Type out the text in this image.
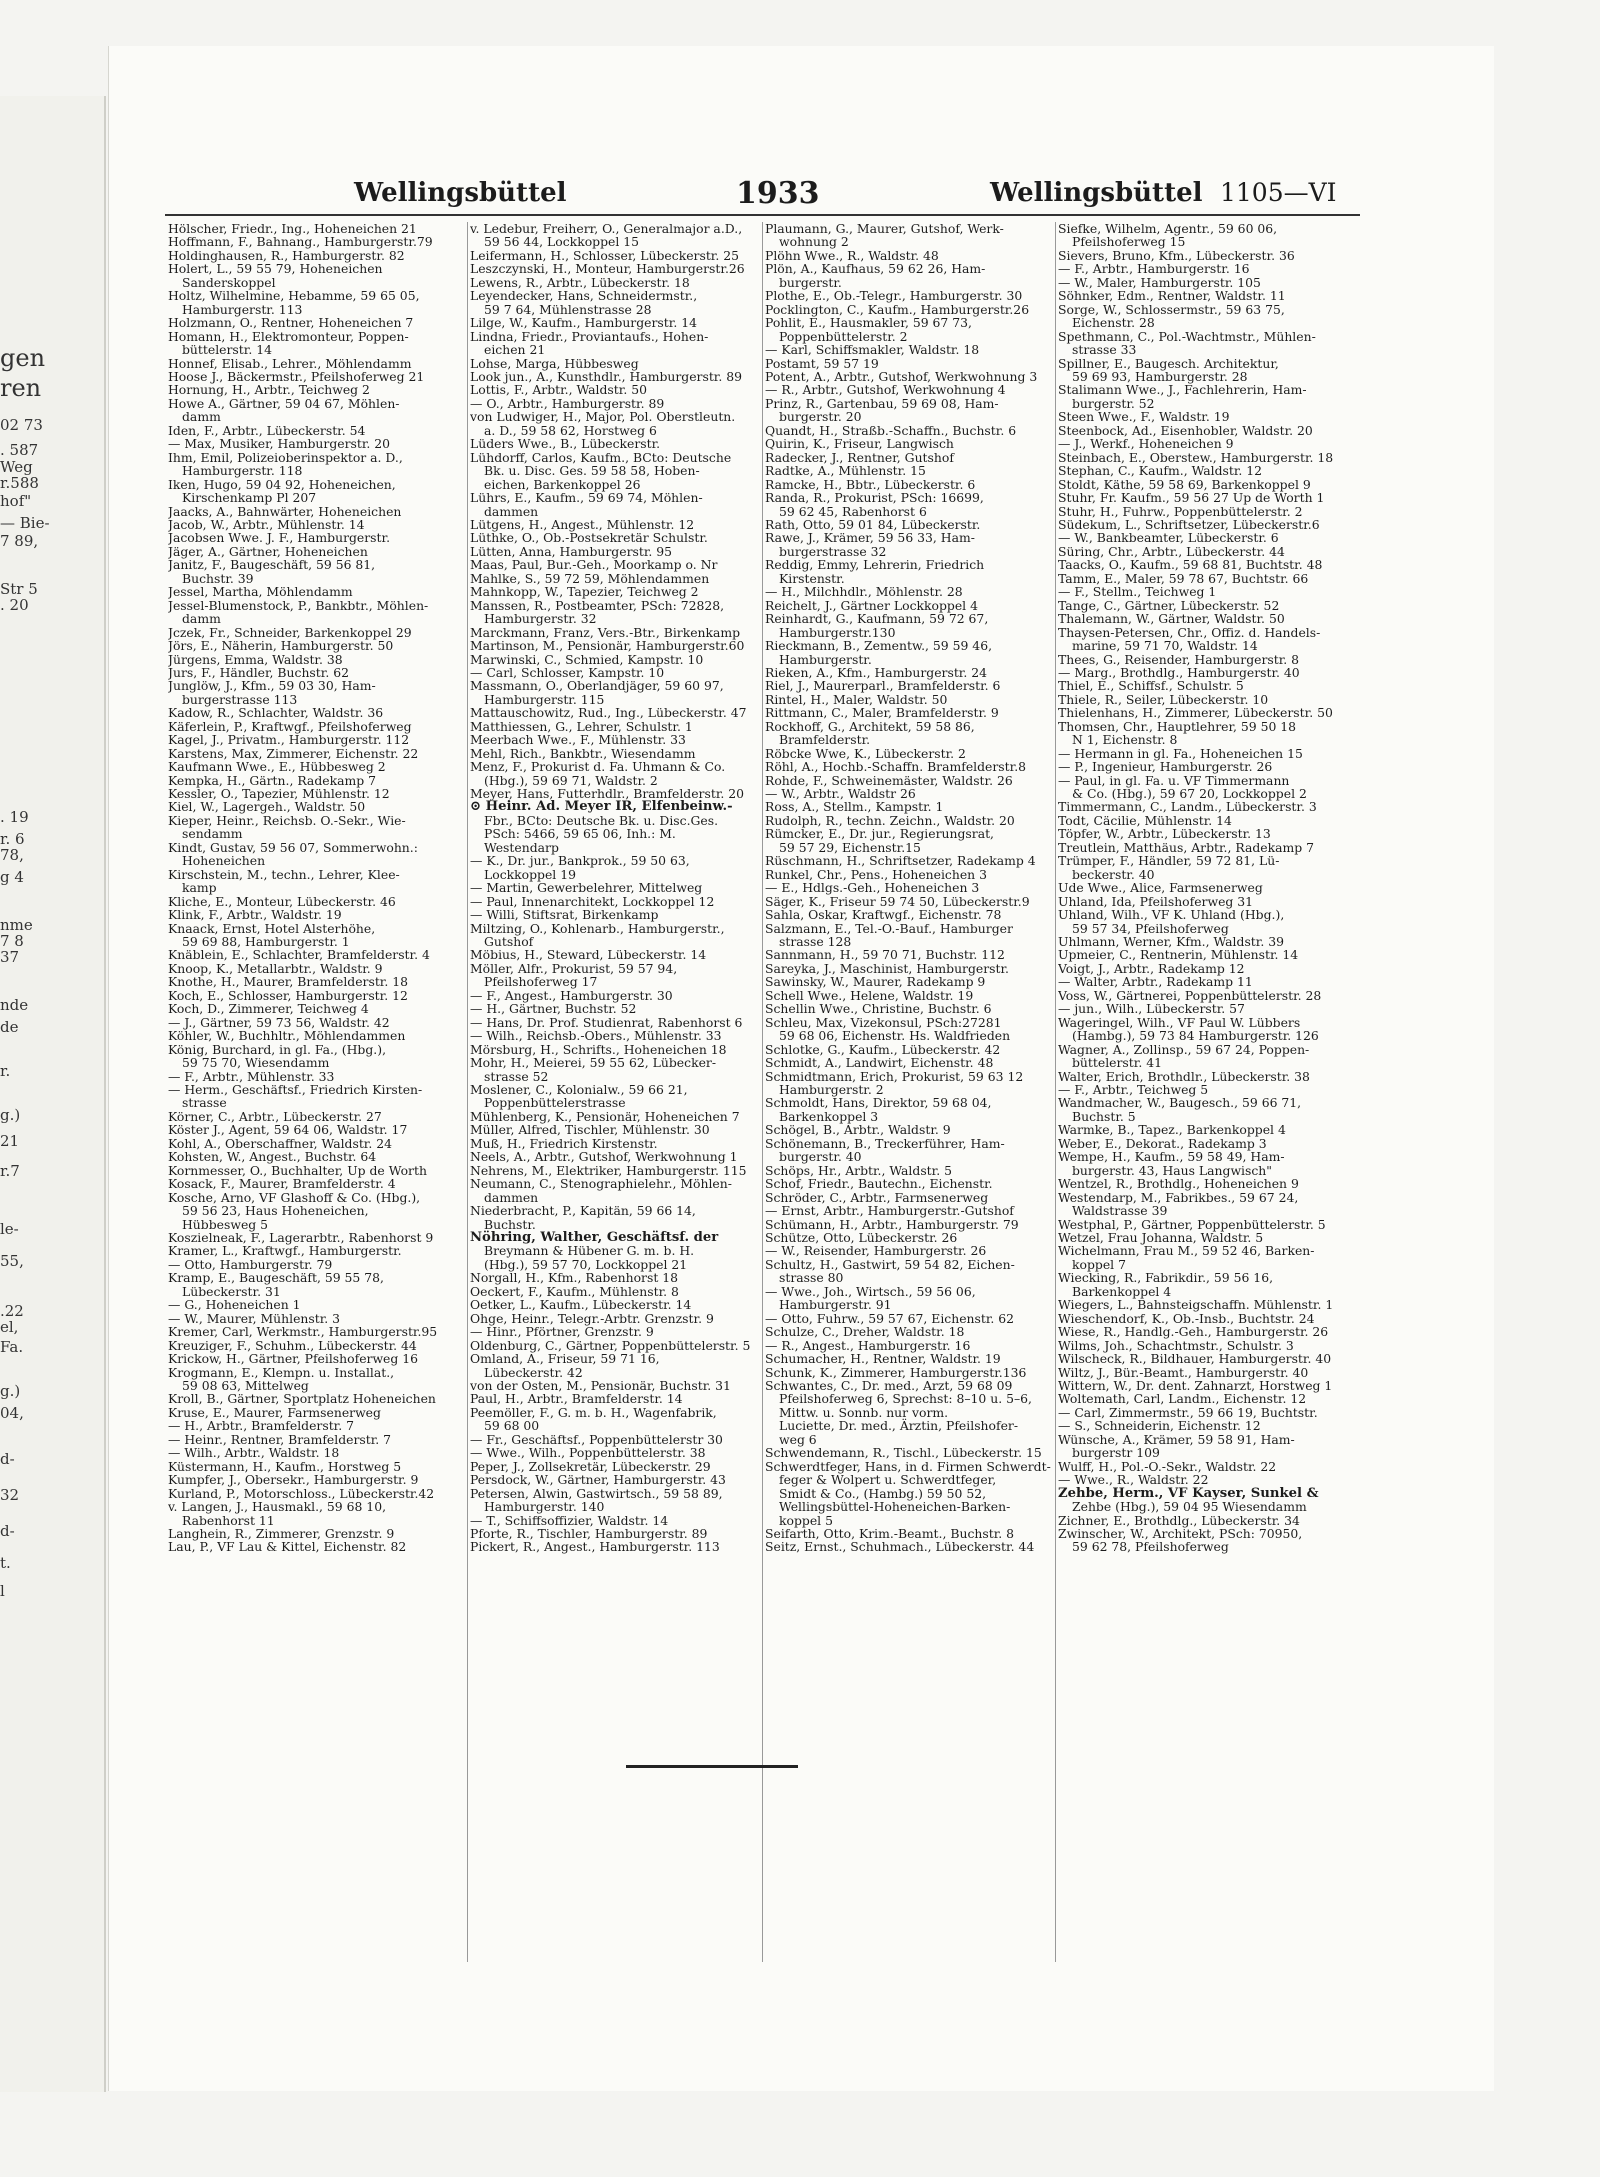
gen
ren
02 73
. 587
Weg
r.588
hof"
— Bie-
7 89,
Str 5
. 20
. 19
r. 6
78,
g 4
nme
7 8
37
nde
de
r.
g.)
21
r.7
le-
55,
.22
el,
Fa.
g.)
04,
d-
32
d-
t.
l
Wellingsbüttel	1933	Wellingsbüttel 1105—VI
Hölscher, Friedr., Ing., Hoheneichen 21
Hoffmann, F., Bahnang., Hamburgerstr.79
Holdinghausen, R., Hamburgerstr. 82
Holert, L., 59 55 79, Hoheneichen
Sanderskoppel
Holtz, Wilhelmine, Hebamme, 59 65 05,
Hamburgerstr. 113
Holzmann, O., Rentner, Hoheneichen 7
Homann, H., Elektromonteur, Poppen-
büttelerstr. 14
Honnef, Elisab., Lehrer., Möhlendamm
Hoose J., Bäckermstr., Pfeilshoferweg 21
Hornung, H., Arbtr., Teichweg 2
Howe A., Gärtner, 59 04 67, Möhlen-
damm
Iden, F., Arbtr., Lübeckerstr. 54
— Max, Musiker, Hamburgerstr. 20
Ihm, Emil, Polizeioberinspektor a. D.,
Hamburgerstr. 118
Iken, Hugo, 59 04 92, Hoheneichen,
Kirschenkamp Pl 207
Jaacks, A., Bahnwärter, Hoheneichen
Jacob, W., Arbtr., Mühlenstr. 14
Jacobsen Wwe. J. F., Hamburgerstr.
Jäger, A., Gärtner, Hoheneichen
Janitz, F., Baugeschäft, 59 56 81,
Buchstr. 39
Jessel, Martha, Möhlendamm
Jessel-Blumenstock, P., Bankbtr., Möhlen-
damm
Jczek, Fr., Schneider, Barkenkoppel 29
Jörs, E., Näherin, Hamburgerstr. 50
Jürgens, Emma, Waldstr. 38
Jurs, F., Händler, Buchstr. 62
Junglöw, J., Kfm., 59 03 30, Ham-
burgerstrasse 113
Kadow, R., Schlachter, Waldstr. 36
Käferlein, P., Kraftwgf., Pfeilshoferweg
Kagel, J., Privatm., Hamburgerstr. 112
Karstens, Max, Zimmerer, Eichenstr. 22
Kaufmann Wwe., E., Hübbesweg 2
Kempka, H., Gärtn., Radekamp 7
Kessler, O., Tapezier, Mühlenstr. 12
Kiel, W., Lagergeh., Waldstr. 50
Kieper, Heinr., Reichsb. O.-Sekr., Wie-
sendamm
Kindt, Gustav, 59 56 07, Sommerwohn.:
Hoheneichen
Kirschstein, M., techn., Lehrer, Klee-
kamp
Kliche, E., Monteur, Lübeckerstr. 46
Klink, F., Arbtr., Waldstr. 19
Knaack, Ernst, Hotel Alsterhöhe,
59 69 88, Hamburgerstr. 1
Knäblein, E., Schlachter, Bramfelderstr. 4
Knoop, K., Metallarbtr., Waldstr. 9
Knothe, H., Maurer, Bramfelderstr. 18
Koch, E., Schlosser, Hamburgerstr. 12
Koch, D., Zimmerer, Teichweg 4
— J., Gärtner, 59 73 56, Waldstr. 42
Köhler, W., Buchhltr., Möhlendammen
König, Burchard, in gl. Fa., (Hbg.),
59 75 70, Wiesendamm
— F., Arbtr., Mühlenstr. 33
— Herm., Geschäftsf., Friedrich Kirsten-
strasse
Körner, C., Arbtr., Lübeckerstr. 27
Köster J., Agent, 59 64 06, Waldstr. 17
Kohl, A., Oberschaffner, Waldstr. 24
Kohsten, W., Angest., Buchstr. 64
Kornmesser, O., Buchhalter, Up de Worth
Kosack, F., Maurer, Bramfelderstr. 4
Kosche, Arno, VF Glashoff & Co. (Hbg.),
59 56 23, Haus Hoheneichen,
Hübbesweg 5
Koszielneak, F., Lagerarbtr., Rabenhorst 9
Kramer, L., Kraftwgf., Hamburgerstr.
— Otto, Hamburgerstr. 79
Kramp, E., Baugeschäft, 59 55 78,
Lübeckerstr. 31
— G., Hoheneichen 1
— W., Maurer, Mühlenstr. 3
Kremer, Carl, Werkmstr., Hamburgerstr.95
Kreuziger, F., Schuhm., Lübeckerstr. 44
Krickow, H., Gärtner, Pfeilshoferweg 16
Krogmann, E., Klempn. u. Installat.,
59 08 63, Mittelweg
Kroll, B., Gärtner, Sportplatz Hoheneichen
Kruse, E., Maurer, Farmsenerweg
— H., Arbtr., Bramfelderstr. 7
— Heinr., Rentner, Bramfelderstr. 7
— Wilh., Arbtr., Waldstr. 18
Küstermann, H., Kaufm., Horstweg 5
Kumpfer, J., Obersekr., Hamburgerstr. 9
Kurland, P., Motorschloss., Lübeckerstr.42
v. Langen, J., Hausmakl., 59 68 10,
Rabenhorst 11
Langhein, R., Zimmerer, Grenzstr. 9
Lau, P., VF Lau & Kittel, Eichenstr. 82
v. Ledebur, Freiherr, O., Generalmajor a.D.,
59 56 44, Lockkoppel 15
Leifermann, H., Schlosser, Lübeckerstr. 25
Leszczynski, H., Monteur, Hamburgerstr.26
Lewens, R., Arbtr., Lübeckerstr. 18
Leyendecker, Hans, Schneidermstr.,
59 7 64, Mühlenstrasse 28
Lilge, W., Kaufm., Hamburgerstr. 14
Lindna, Friedr., Proviantaufs., Hohen-
eichen 21
Lohse, Marga, Hübbesweg
Look jun., A., Kunsthdlr., Hamburgerstr. 89
Lottis, F., Arbtr., Waldstr. 50
— O., Arbtr., Hamburgerstr. 89
von Ludwiger, H., Major, Pol. Oberstleutn.
a. D., 59 58 62, Horstweg 6
Lüders Wwe., B., Lübeckerstr.
Lühdorff, Carlos, Kaufm., BCto: Deutsche
Bk. u. Disc. Ges. 59 58 58, Hoben-
eichen, Barkenkoppel 26
Lührs, E., Kaufm., 59 69 74, Möhlen-
dammen
Lütgens, H., Angest., Mühlenstr. 12
Lüthke, O., Ob.-Postsekretär Schulstr.
Lütten, Anna, Hamburgerstr. 95
Maas, Paul, Bur.-Geh., Moorkamp o. Nr
Mahlke, S., 59 72 59, Möhlendammen
Mahnkopp, W., Tapezier, Teichweg 2
Manssen, R., Postbeamter, PSch: 72828,
Hamburgerstr. 32
Marckmann, Franz, Vers.-Btr., Birkenkamp
Martinson, M., Pensionär, Hamburgerstr.60
Marwinski, C., Schmied, Kampstr. 10
— Carl, Schlosser, Kampstr. 10
Massmann, O., Oberlandjäger, 59 60 97,
Hamburgerstr. 115
Mattauschowitz, Rud., Ing., Lübeckerstr. 47
Matthiessen, G., Lehrer, Schulstr. 1
Meerbach Wwe., F., Mühlenstr. 33
Mehl, Rich., Bankbtr., Wiesendamm
Menz, F., Prokurist d. Fa. Uhmann & Co.
(Hbg.), 59 69 71, Waldstr. 2
Meyer, Hans, Futterhdlr., Bramfelderstr. 20
⊙ Heinr. Ad. Meyer IR, Elfenbeinw.-
Fbr., BCto: Deutsche Bk. u. Disc.Ges.
PSch: 5466, 59 65 06, Inh.: M.
Westendarp
— K., Dr. jur., Bankprok., 59 50 63,
Lockkoppel 19
— Martin, Gewerbelehrer, Mittelweg
— Paul, Innenarchitekt, Lockkoppel 12
— Willi, Stiftsrat, Birkenkamp
Miltzing, O., Kohlenarb., Hamburgerstr.,
Gutshof
Möbius, H., Steward, Lübeckerstr. 14
Möller, Alfr., Prokurist, 59 57 94,
Pfeilshoferweg 17
— F., Angest., Hamburgerstr. 30
— H., Gärtner, Buchstr. 52
— Hans, Dr. Prof. Studienrat, Rabenhorst 6
— Wilh., Reichsb.-Obers., Mühlenstr. 33
Mörsburg, H., Schrifts., Hoheneichen 18
Mohr, H., Meierei, 59 55 62, Lübecker-
strasse 52
Moslener, C., Kolonialw., 59 66 21,
Poppenbüttelerstrasse
Mühlenberg, K., Pensionär, Hoheneichen 7
Müller, Alfred, Tischler, Mühlenstr. 30
Muß, H., Friedrich Kirstenstr.
Neels, A., Arbtr., Gutshof, Werkwohnung 1
Nehrens, M., Elektriker, Hamburgerstr. 115
Neumann, C., Stenographielehr., Möhlen-
dammen
Niederbracht, P., Kapitän, 59 66 14,
Buchstr.
Nöhring, Walther, Geschäftsf. der
Breymann & Hübener G. m. b. H.
(Hbg.), 59 57 70, Lockkoppel 21
Norgall, H., Kfm., Rabenhorst 18
Oeckert, F., Kaufm., Mühlenstr. 8
Oetker, L., Kaufm., Lübeckerstr. 14
Ohge, Heinr., Telegr.-Arbtr. Grenzstr. 9
— Hinr., Pförtner, Grenzstr. 9
Oldenburg, C., Gärtner, Poppenbüttelerstr. 5
Omland, A., Friseur, 59 71 16,
Lübeckerstr. 42
von der Osten, M., Pensionär, Buchstr. 31
Paul, H., Arbtr., Bramfelderstr. 14
Peemöller, F., G. m. b. H., Wagenfabrik,
59 68 00
— Fr., Geschäftsf., Poppenbüttelerstr 30
— Wwe., Wilh., Poppenbüttelerstr. 38
Peper, J., Zollsekretär, Lübeckerstr. 29
Persdock, W., Gärtner, Hamburgerstr. 43
Petersen, Alwin, Gastwirtsch., 59 58 89,
Hamburgerstr. 140
— T., Schiffsoffizier, Waldstr. 14
Pforte, R., Tischler, Hamburgerstr. 89
Pickert, R., Angest., Hamburgerstr. 113
Plaumann, G., Maurer, Gutshof, Werk-
wohnung 2
Plöhn Wwe., R., Waldstr. 48
Plön, A., Kaufhaus, 59 62 26, Ham-
burgerstr.
Plothe, E., Ob.-Telegr., Hamburgerstr. 30
Pocklington, C., Kaufm., Hamburgerstr.26
Pohlit, E., Hausmakler, 59 67 73,
Poppenbüttelerstr. 2
— Karl, Schiffsmakler, Waldstr. 18
Postamt, 59 57 19
Potent, A., Arbtr., Gutshof, Werkwohnung 3
— R., Arbtr., Gutshof, Werkwohnung 4
Prinz, R., Gartenbau, 59 69 08, Ham-
burgerstr. 20
Quandt, H., Straßb.-Schaffn., Buchstr. 6
Quirin, K., Friseur, Langwisch
Radecker, J., Rentner, Gutshof
Radtke, A., Mühlenstr. 15
Ramcke, H., Bbtr., Lübeckerstr. 6
Randa, R., Prokurist, PSch: 16699,
59 62 45, Rabenhorst 6
Rath, Otto, 59 01 84, Lübeckerstr.
Rawe, J., Krämer, 59 56 33, Ham-
burgerstrasse 32
Reddig, Emmy, Lehrerin, Friedrich
Kirstenstr.
— H., Milchhdlr., Möhlenstr. 28
Reichelt, J., Gärtner Lockkoppel 4
Reinhardt, G., Kaufmann, 59 72 67,
Hamburgerstr.130
Rieckmann, B., Zementw., 59 59 46,
Hamburgerstr.
Rieken, A., Kfm., Hamburgerstr. 24
Riel, J., Maurerparl., Bramfelderstr. 6
Rintel, H., Maler, Waldstr. 50
Rittmann, C., Maler, Bramfelderstr. 9
Rockhoff, G., Architekt, 59 58 86,
Bramfelderstr.
Röbcke Wwe, K., Lübeckerstr. 2
Röhl, A., Hochb.-Schaffn. Bramfelderstr.8
Rohde, F., Schweinemäster, Waldstr. 26
— W., Arbtr., Waldstr 26
Ross, A., Stellm., Kampstr. 1
Rudolph, R., techn. Zeichn., Waldstr. 20
Rümcker, E., Dr. jur., Regierungsrat,
59 57 29, Eichenstr.15
Rüschmann, H., Schriftsetzer, Radekamp 4
Runkel, Chr., Pens., Hoheneichen 3
— E., Hdlgs.-Geh., Hoheneichen 3
Säger, K., Friseur 59 74 50, Lübeckerstr.9
Sahla, Oskar, Kraftwgf., Eichenstr. 78
Salzmann, E., Tel.-O.-Bauf., Hamburger
strasse 128
Sannmann, H., 59 70 71, Buchstr. 112
Sareyka, J., Maschinist, Hamburgerstr.
Sawinsky, W., Maurer, Radekamp 9
Schell Wwe., Helene, Waldstr. 19
Schellin Wwe., Christine, Buchstr. 6
Schleu, Max, Vizekonsul, PSch:27281
59 68 06, Eichenstr. Hs. Waldfrieden
Schlotke, G., Kaufm., Lübeckerstr. 42
Schmidt, A., Landwirt, Eichenstr. 48
Schmidtmann, Erich, Prokurist, 59 63 12
Hamburgerstr. 2
Schmoldt, Hans, Direktor, 59 68 04,
Barkenkoppel 3
Schögel, B., Arbtr., Waldstr. 9
Schönemann, B., Treckerführer, Ham-
burgerstr. 40
Schöps, Hr., Arbtr., Waldstr. 5
Schof, Friedr., Bautechn., Eichenstr.
Schröder, C., Arbtr., Farmsenerweg
— Ernst, Arbtr., Hamburgerstr.-Gutshof
Schümann, H., Arbtr., Hamburgerstr. 79
Schütze, Otto, Lübeckerstr. 26
— W., Reisender, Hamburgerstr. 26
Schultz, H., Gastwirt, 59 54 82, Eichen-
strasse 80
— Wwe., Joh., Wirtsch., 59 56 06,
Hamburgerstr. 91
— Otto, Fuhrw., 59 57 67, Eichenstr. 62
Schulze, C., Dreher, Waldstr. 18
— R., Angest., Hamburgerstr. 16
Schumacher, H., Rentner, Waldstr. 19
Schunk, K., Zimmerer, Hamburgerstr.136
Schwantes, C., Dr. med., Arzt, 59 68 09
Pfeilshoferweg 6, Sprechst: 8–10 u. 5–6,
Mittw. u. Sonnb. nur vorm.
Luciette, Dr. med., Ärztin, Pfeilshofer-
weg 6
Schwendemann, R., Tischl., Lübeckerstr. 15
Schwerdtfeger, Hans, in d. Firmen Schwerdt-
feger & Wolpert u. Schwerdtfeger,
Smidt & Co., (Hambg.) 59 50 52,
Wellingsbüttel-Hoheneichen-Barken-
koppel 5
Seifarth, Otto, Krim.-Beamt., Buchstr. 8
Seitz, Ernst., Schuhmach., Lübeckerstr. 44
Siefke, Wilhelm, Agentr., 59 60 06,
Pfeilshoferweg 15
Sievers, Bruno, Kfm., Lübeckerstr. 36
— F., Arbtr., Hamburgerstr. 16
— W., Maler, Hamburgerstr. 105
Söhnker, Edm., Rentner, Waldstr. 11
Sorge, W., Schlossermstr., 59 63 75,
Eichenstr. 28
Spethmann, C., Pol.-Wachtmstr., Mühlen-
strasse 33
Spillner, E., Baugesch. Architektur,
59 69 93, Hamburgerstr. 28
Stalimann Wwe., J., Fachlehrerin, Ham-
burgerstr. 52
Steen Wwe., F., Waldstr. 19
Steenbock, Ad., Eisenhobler, Waldstr. 20
— J., Werkf., Hoheneichen 9
Steinbach, E., Oberstew., Hamburgerstr. 18
Stephan, C., Kaufm., Waldstr. 12
Stoldt, Käthe, 59 58 69, Barkenkoppel 9
Stuhr, Fr. Kaufm., 59 56 27 Up de Worth 1
Stuhr, H., Fuhrw., Poppenbüttelerstr. 2
Südekum, L., Schriftsetzer, Lübeckerstr.6
— W., Bankbeamter, Lübeckerstr. 6
Süring, Chr., Arbtr., Lübeckerstr. 44
Taacks, O., Kaufm., 59 68 81, Buchtstr. 48
Tamm, E., Maler, 59 78 67, Buchtstr. 66
— F., Stellm., Teichweg 1
Tange, C., Gärtner, Lübeckerstr. 52
Thalemann, W., Gärtner, Waldstr. 50
Thaysen-Petersen, Chr., Offiz. d. Handels-
marine, 59 71 70, Waldstr. 14
Thees, G., Reisender, Hamburgerstr. 8
— Marg., Brothdlg., Hamburgerstr. 40
Thiel, E., Schiffsf., Schulstr. 5
Thiele, R., Seiler, Lübeckerstr. 10
Thielenhans, H., Zimmerer, Lübeckerstr. 50
Thomsen, Chr., Hauptlehrer, 59 50 18
N 1, Eichenstr. 8
— Hermann in gl. Fa., Hoheneichen 15
— P., Ingenieur, Hamburgerstr. 26
— Paul, in gl. Fa. u. VF Timmermann
& Co. (Hbg.), 59 67 20, Lockkoppel 2
Timmermann, C., Landm., Lübeckerstr. 3
Todt, Cäcilie, Mühlenstr. 14
Töpfer, W., Arbtr., Lübeckerstr. 13
Treutlein, Matthäus, Arbtr., Radekamp 7
Trümper, F., Händler, 59 72 81, Lü-
beckerstr. 40
Ude Wwe., Alice, Farmsenerweg
Uhland, Ida, Pfeilshoferweg 31
Uhland, Wilh., VF K. Uhland (Hbg.),
59 57 34, Pfeilshoferweg
Uhlmann, Werner, Kfm., Waldstr. 39
Upmeier, C., Rentnerin, Mühlenstr. 14
Voigt, J., Arbtr., Radekamp 12
— Walter, Arbtr., Radekamp 11
Voss, W., Gärtnerei, Poppenbüttelerstr. 28
— jun., Wilh., Lübeckerstr. 57
Wageringel, Wilh., VF Paul W. Lübbers
(Hambg.), 59 73 84 Hamburgerstr. 126
Wagner, A., Zollinsp., 59 67 24, Poppen-
büttelerstr. 41
Walter, Erich, Brothdlr., Lübeckerstr. 38
— F., Arbtr., Teichweg 5
Wandmacher, W., Baugesch., 59 66 71,
Buchstr. 5
Warmke, B., Tapez., Barkenkoppel 4
Weber, E., Dekorat., Radekamp 3
Wempe, H., Kaufm., 59 58 49, Ham-
burgerstr. 43, Haus Langwisch"
Wentzel, R., Brothdlg., Hoheneichen 9
Westendarp, M., Fabrikbes., 59 67 24,
Waldstrasse 39
Westphal, P., Gärtner, Poppenbüttelerstr. 5
Wetzel, Frau Johanna, Waldstr. 5
Wichelmann, Frau M., 59 52 46, Barken-
koppel 7
Wiecking, R., Fabrikdir., 59 56 16,
Barkenkoppel 4
Wiegers, L., Bahnsteigschaffn. Mühlenstr. 1
Wieschendorf, K., Ob.-Insb., Buchtstr. 24
Wiese, R., Handlg.-Geh., Hamburgerstr. 26
Wilms, Joh., Schachtmstr., Schulstr. 3
Wilscheck, R., Bildhauer, Hamburgerstr. 40
Wiltz, J., Bür.-Beamt., Hamburgerstr. 40
Wittern, W., Dr. dent. Zahnarzt, Horstweg 1
Woltemath, Carl, Landm., Eichenstr. 12
— Carl, Zimmermstr., 59 66 19, Buchtstr.
— S., Schneiderin, Eichenstr. 12
Wünsche, A., Krämer, 59 58 91, Ham-
burgerstr 109
Wulff, H., Pol.-O.-Sekr., Waldstr. 22
— Wwe., R., Waldstr. 22
Zehbe, Herm., VF Kayser, Sunkel &
Zehbe (Hbg.), 59 04 95 Wiesendamm
Zichner, E., Brothdlg., Lübeckerstr. 34
Zwinscher, W., Architekt, PSch: 70950,
59 62 78, Pfeilshoferweg
